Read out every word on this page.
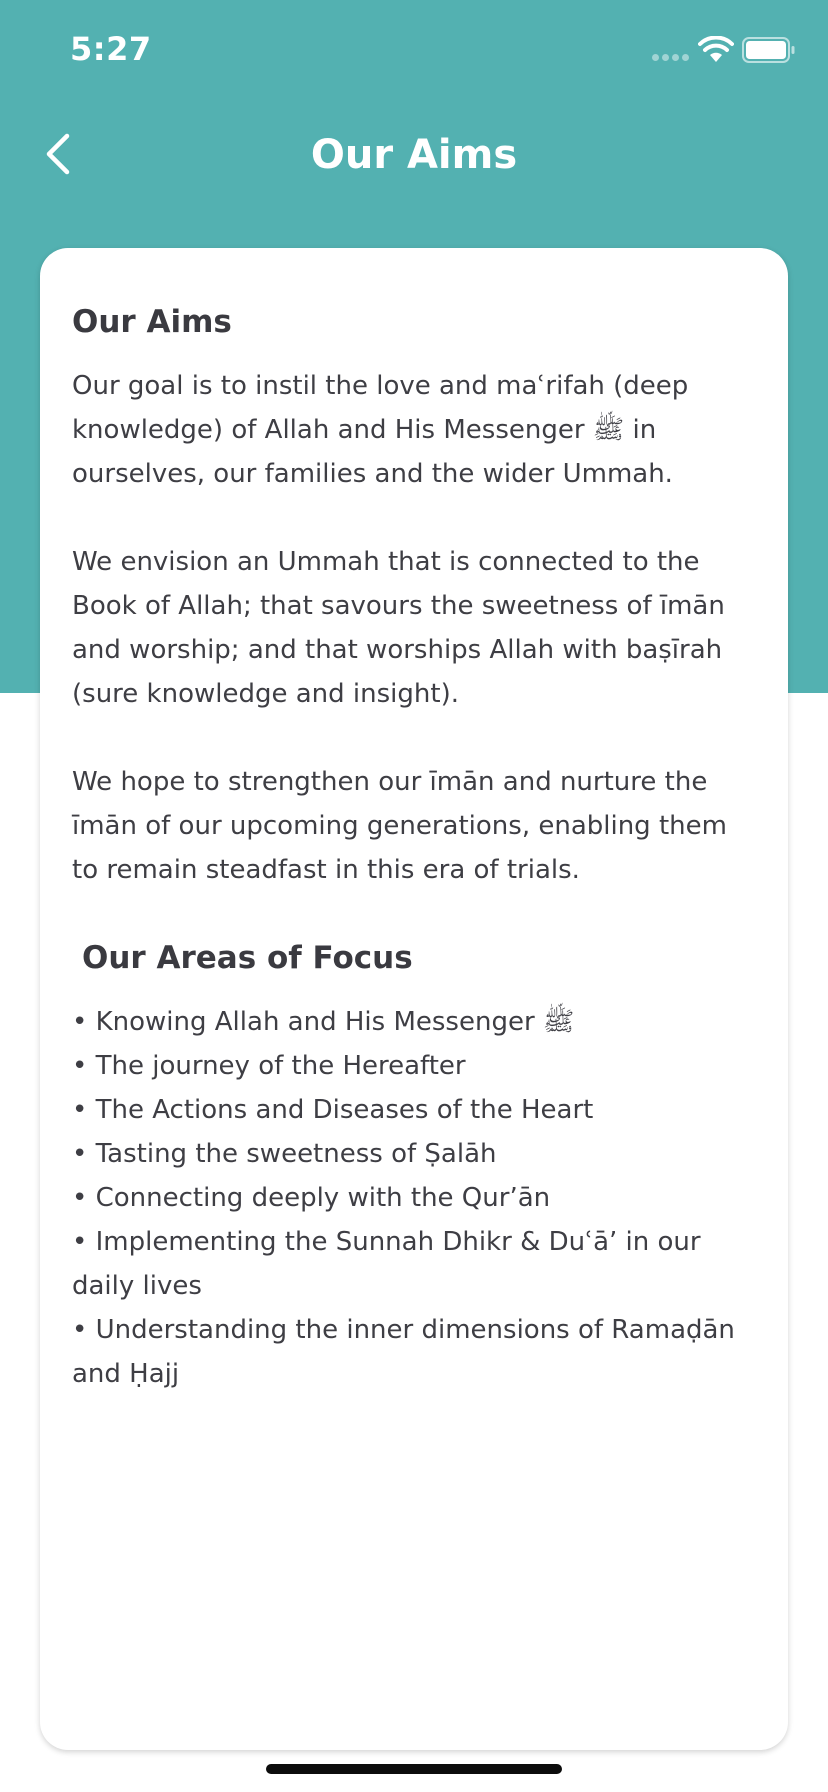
5:27
Our Aims
Our Aims

Our goal is to instil the love and maʿrifah (deep knowledge) of Allah and His Messenger ﷺ in ourselves, our families and the wider Ummah.

We envision an Ummah that is connected to the Book of Allah; that savours the sweetness of īmān and worship; and that worships Allah with baṣīrah (sure knowledge and insight).

We hope to strengthen our īmān and nurture the īmān of our upcoming generations, enabling them to remain steadfast in this era of trials.

Our Areas of Focus
• Knowing Allah and His Messenger ﷺ
• The journey of the Hereafter
• The Actions and Diseases of the Heart
• Tasting the sweetness of Ṣalāh
• Connecting deeply with the Qur’ān
• Implementing the Sunnah Dhikr & Duʿā’ in our daily lives
• Understanding the inner dimensions of Ramaḍān and Ḥajj
